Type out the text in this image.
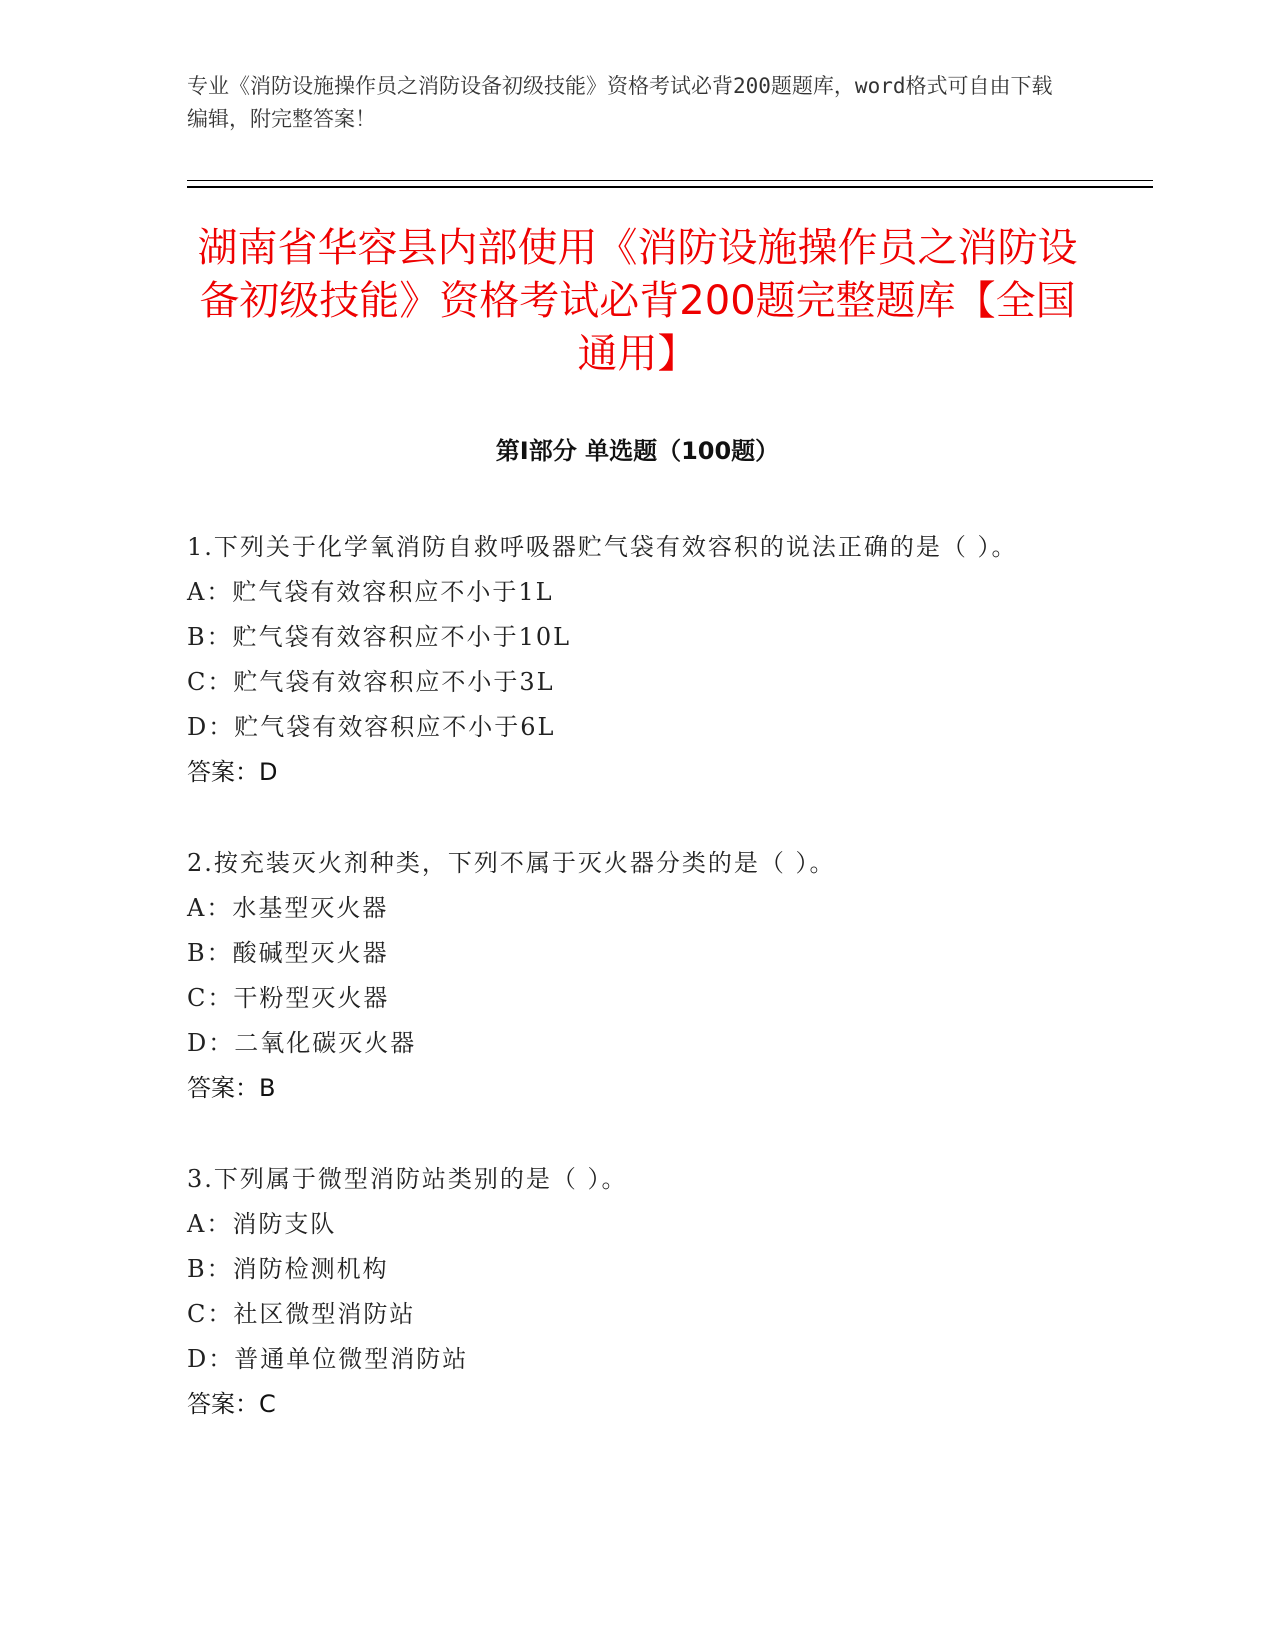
专业《消防设施操作员之消防设备初级技能》资格考试必背200题题库，word格式可自由下载编辑，附完整答案！

湖南省华容县内部使用《消防设施操作员之消防设备初级技能》资格考试必背200题完整题库【全国通用】
第Ⅰ部分 单选题（100题）

1.下列关于化学氧消防自救呼吸器贮气袋有效容积的说法正确的是（ ）。

A：贮气袋有效容积应不小于1L
B：贮气袋有效容积应不小于10L
C：贮气袋有效容积应不小于3L
D：贮气袋有效容积应不小于6L
答案：D

2.按充装灭火剂种类，下列不属于灭火器分类的是（ ）。

A：水基型灭火器
B：酸碱型灭火器
C：干粉型灭火器
D：二氧化碳灭火器
答案：B

3.下列属于微型消防站类别的是（ ）。

A：消防支队
B：消防检测机构
C：社区微型消防站
D：普通单位微型消防站
答案：C
